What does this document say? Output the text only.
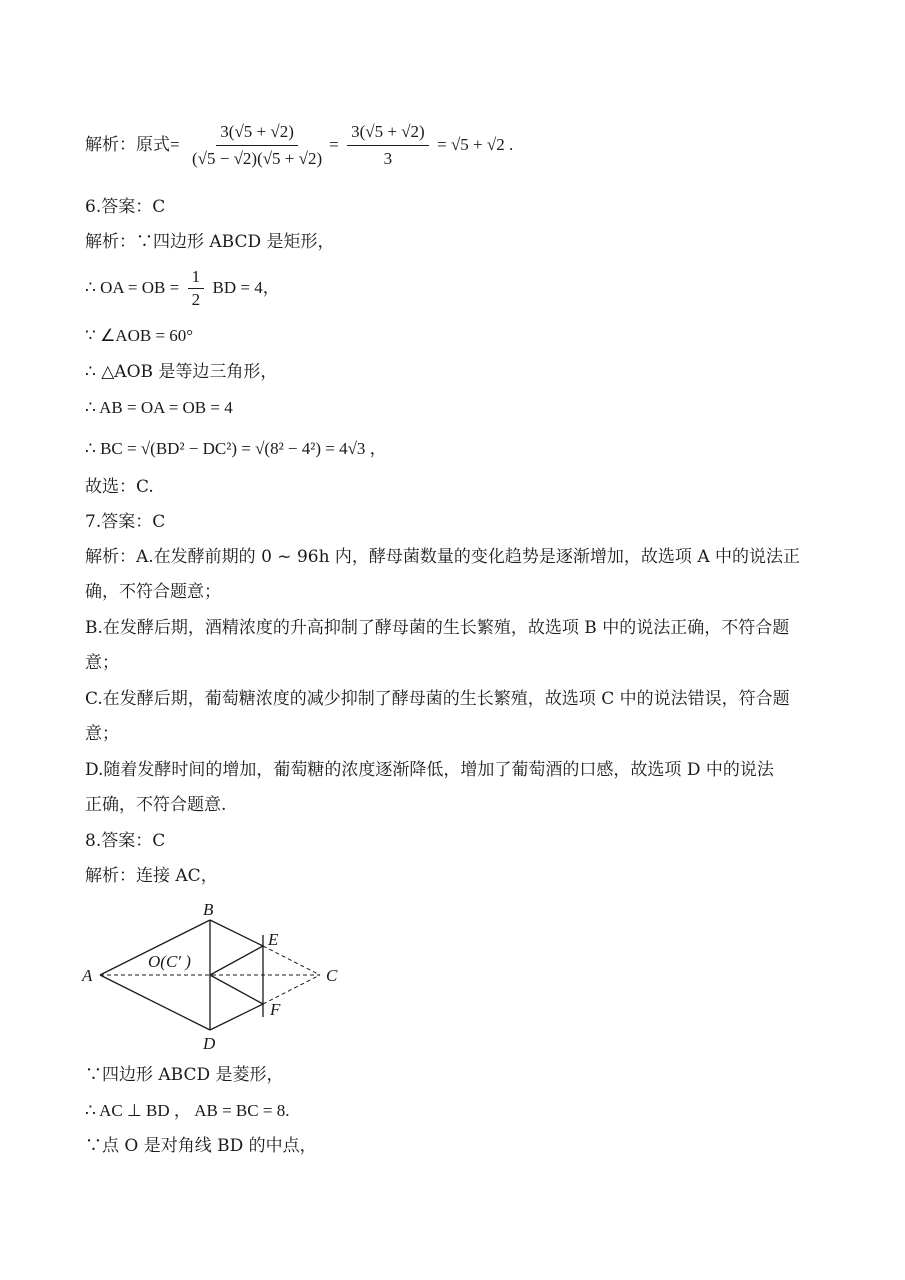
解析：原式= $\frac{3(√5 + √2)}{(√5 - √2)(√5 + √2)} = \frac{3(√5 + √2)}{3} = √5 + √2$ .
6.答案：C
解析：∵四边形 ABCD 是矩形，
∴ OA = OB = $\frac{1}{2}$ BD = 4，
∵ ∠AOB = 60°
∴ △AOB 是等边三角形，
∴ AB = OA = OB = 4
∴ BC = √(BD² − DC²) = √(8² − 4²) = 4√3 ，
故选：C.
7.答案：C
解析：A.在发酵前期的 0 ~ 96h 内，酵母菌数量的变化趋势是逐渐增加，故选项 A 中的说法正
确，不符合题意；
B.在发酵后期，酒精浓度的升高抑制了酵母菌的生长繁殖，故选项 B 中的说法正确，不符合题
意；
C.在发酵后期，葡萄糖浓度的减少抑制了酵母菌的生长繁殖，故选项 C 中的说法错误，符合题
意；
D.随着发酵时间的增加，葡萄糖的浓度逐渐降低，增加了葡萄酒的口感，故选项 D 中的说法
正确，不符合题意.
8.答案：C
解析：连接 AC，
A
B
C
D
E
F
O(C′ )
∵四边形 ABCD 是菱形，
∴ AC ⊥ BD ， AB = BC = 8.
∵点 O 是对角线 BD 的中点，
